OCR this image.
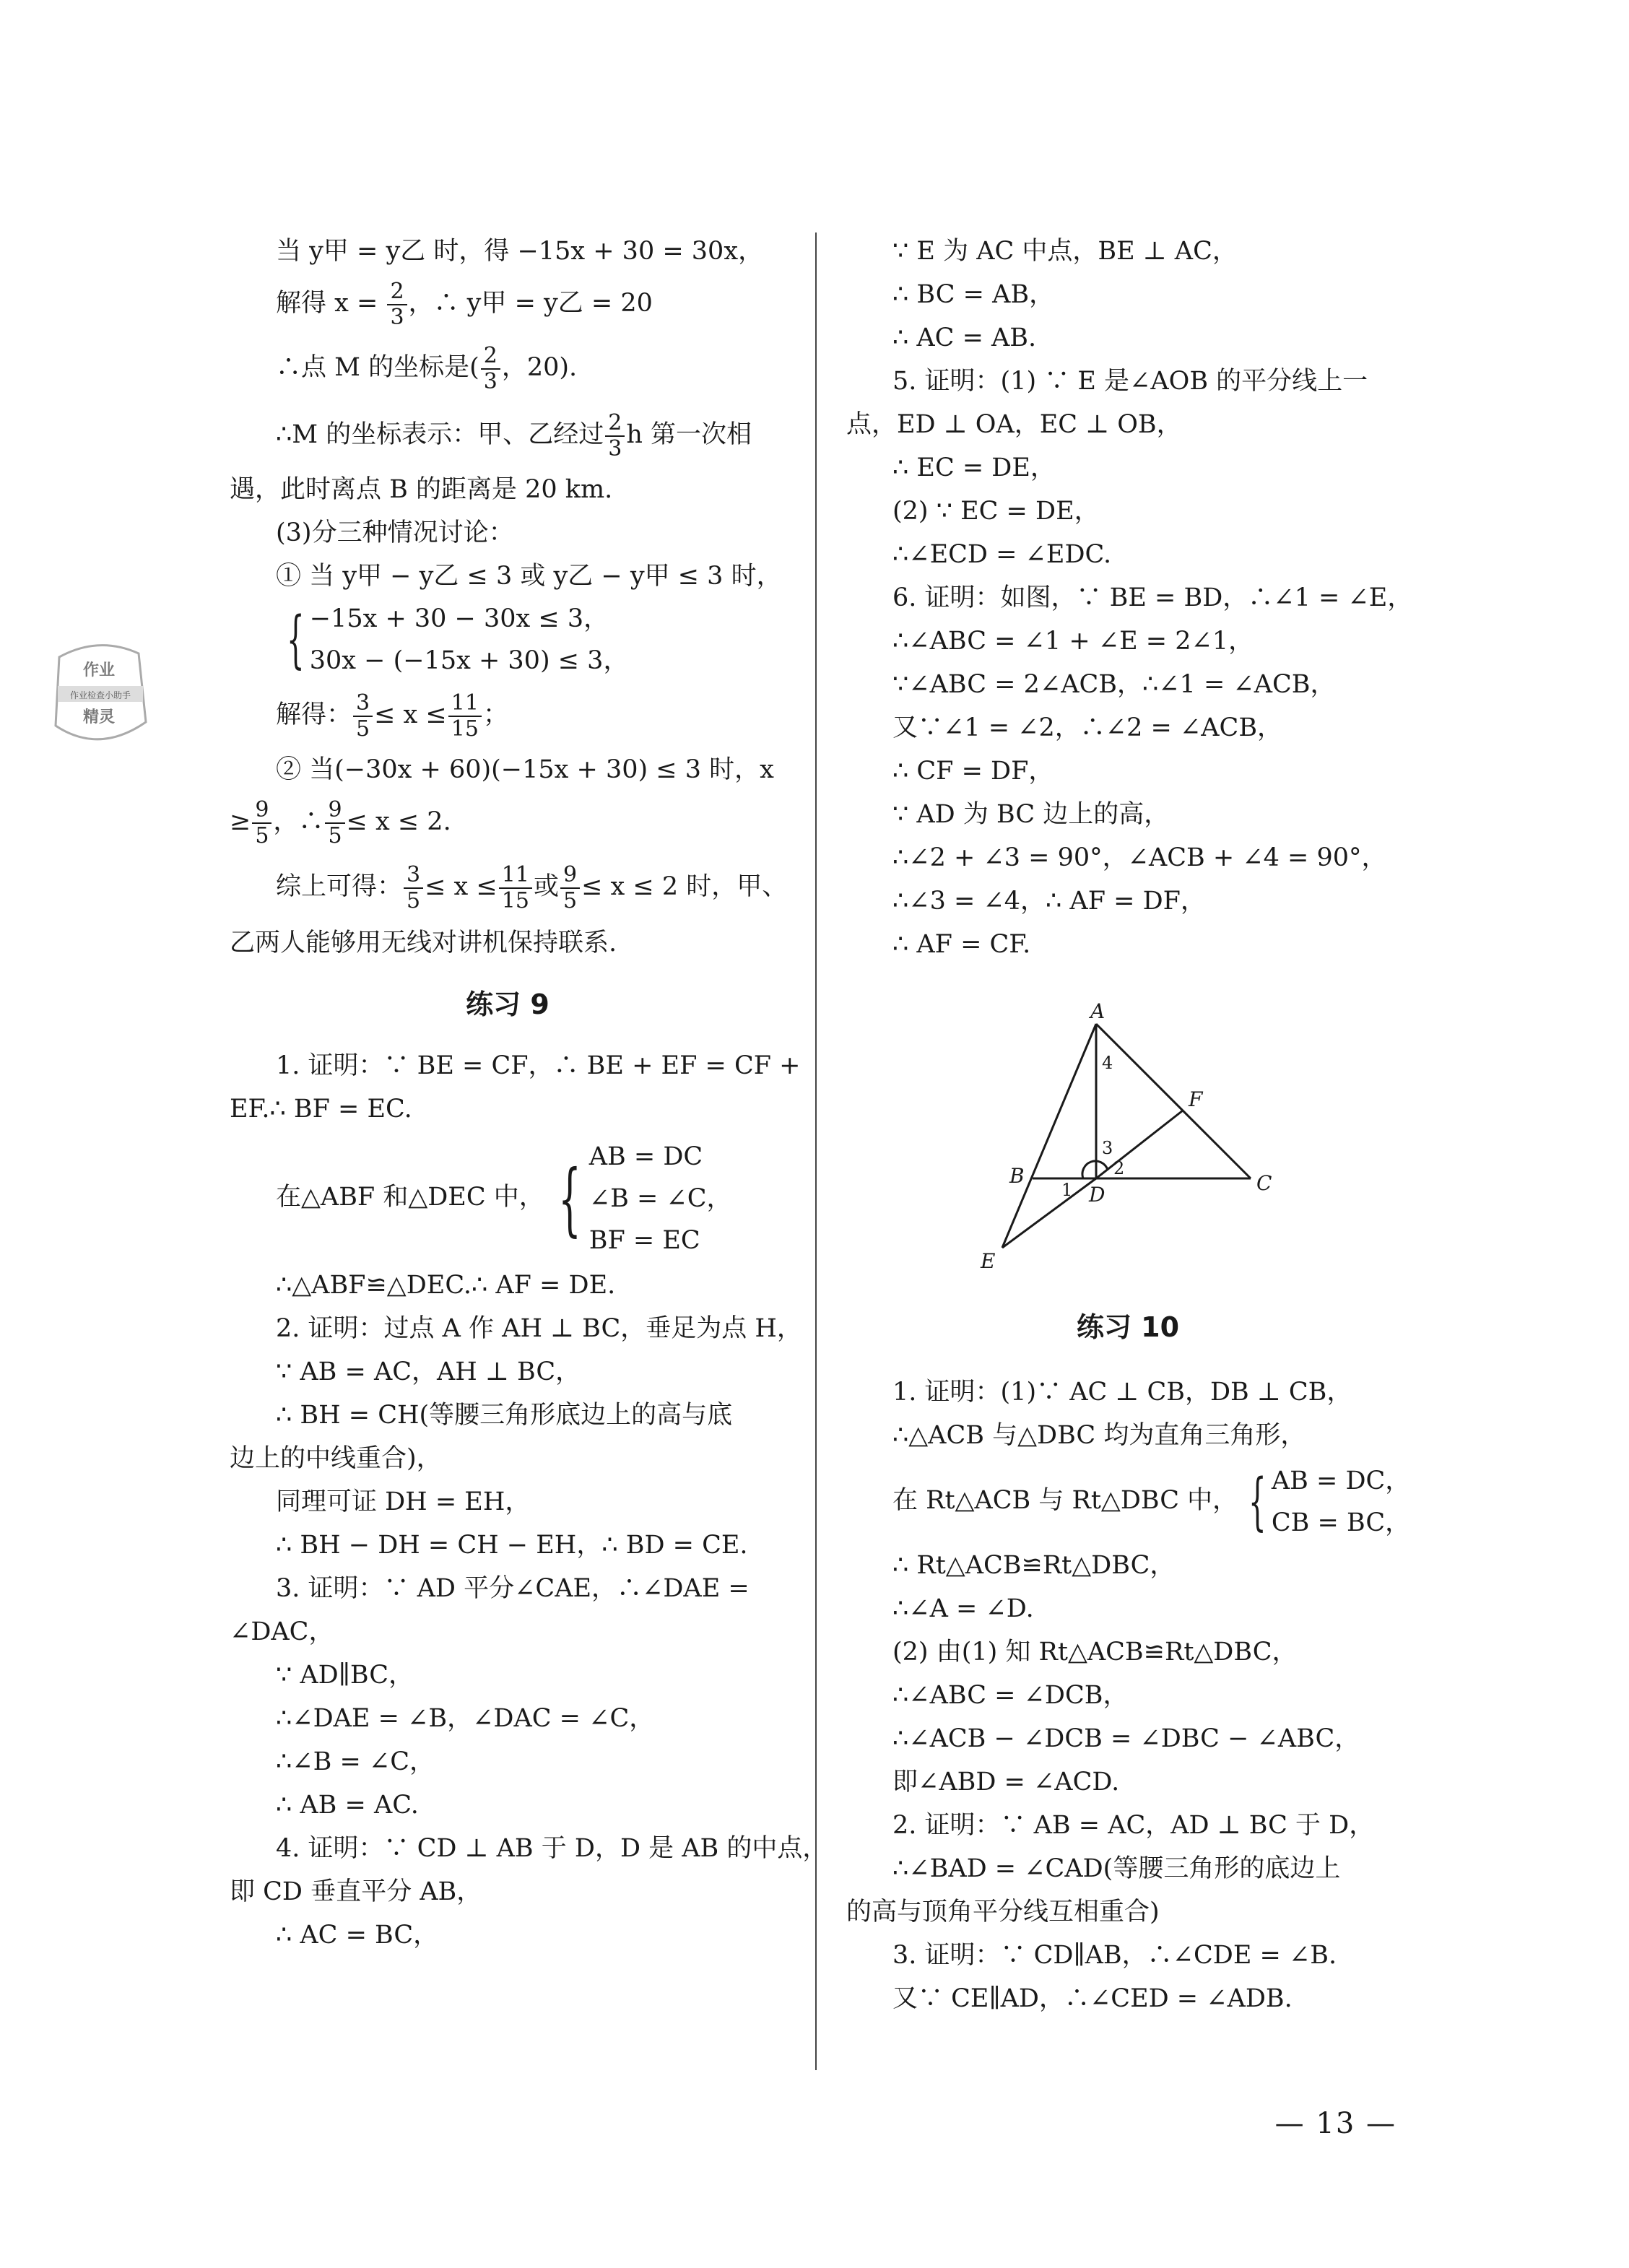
作业
作业检查小助手
精灵
当 y甲 = y乙 时，得 −15x + 30 = 30x，
解得 $x = \frac{2}{3}$ ，∴ y甲 = y乙 = 20
∴点 M 的坐标是( $\frac{2}{3}$ ，20).
∴M 的坐标表示：甲、乙经过 $\frac{2}{3}$ h 第一次相
遇，此时离点 B 的距离是 20 km.
(3)分三种情况讨论：
① 当 y甲 − y乙 ≤ 3 或 y乙 − y甲 ≤ 3 时，
{ −15x + 30 − 30x ≤ 3，
30x − (−15x + 30) ≤ 3，
解得： $\frac{3}{5} \le x \le \frac{11}{15}$ ；
② 当(−30x + 60)(−15x + 30) ≤ 3 时，x
≥ $\frac{9}{5}$ ，∴ $\frac{9}{5} \le x \le 2$.
综上可得： $\frac{3}{5} \le x \le \frac{11}{15}$ 或 $\frac{9}{5} \le x \le 2$ 时，甲、
乙两人能够用无线对讲机保持联系.
练习 9
1. 证明：∵ BE = CF，∴ BE + EF = CF +
EF.∴ BF = EC.
在△ABF 和△DEC 中， { AB = DC
∠B = ∠C，
BF = EC
∴△ABF≌△DEC.∴ AF = DE.
2. 证明：过点 A 作 AH ⊥ BC，垂足为点 H，
∵ AB = AC，AH ⊥ BC，
∴ BH = CH(等腰三角形底边上的高与底
边上的中线重合)，
同理可证 DH = EH，
∴ BH − DH = CH − EH，∴ BD = CE.
3. 证明：∵ AD 平分∠CAE，∴∠DAE =
∠DAC，
∵ AD∥BC，
∴∠DAE = ∠B，∠DAC = ∠C，
∴∠B = ∠C，
∴ AB = AC.
4. 证明：∵ CD ⊥ AB 于 D，D 是 AB 的中点，
即 CD 垂直平分 AB，
∴ AC = BC，
∵ E 为 AC 中点，BE ⊥ AC，
∴ BC = AB，
∴ AC = AB.
5. 证明：(1) ∵ E 是∠AOB 的平分线上一
点，ED ⊥ OA，EC ⊥ OB，
∴ EC = DE，
(2) ∵ EC = DE，
∴∠ECD = ∠EDC.
6. 证明：如图，∵ BE = BD，∴∠1 = ∠E，
∴∠ABC = ∠1 + ∠E = 2∠1，
∵∠ABC = 2∠ACB，∴∠1 = ∠ACB，
又∵∠1 = ∠2，∴∠2 = ∠ACB，
∴ CF = DF，
∵ AD 为 BC 边上的高，
∴∠2 + ∠3 = 90°，∠ACB + ∠4 = 90°，
∴∠3 = ∠4，∴ AF = DF，
∴ AF = CF.
练习 10
1. 证明：(1)∵ AC ⊥ CB，DB ⊥ CB，
∴△ACB 与△DBC 均为直角三角形，
在 Rt△ACB 与 Rt△DBC 中， { AB = DC，
CB = BC，
∴ Rt△ACB≌Rt△DBC，
∴∠A = ∠D.
(2) 由(1) 知 Rt△ACB≌Rt△DBC，
∴∠ABC = ∠DCB，
∴∠ACB − ∠DCB = ∠DBC − ∠ABC，
即∠ABD = ∠ACD.
2. 证明：∵ AB = AC，AD ⊥ BC 于 D，
∴∠BAD = ∠CAD(等腰三角形的底边上
的高与顶角平分线互相重合)
3. 证明：∵ CD∥AB，∴∠CDE = ∠B.
又∵ CE∥AD，∴∠CED = ∠ADB.
A
B	C
D
E
F
1
2
3
4
— 13 —
